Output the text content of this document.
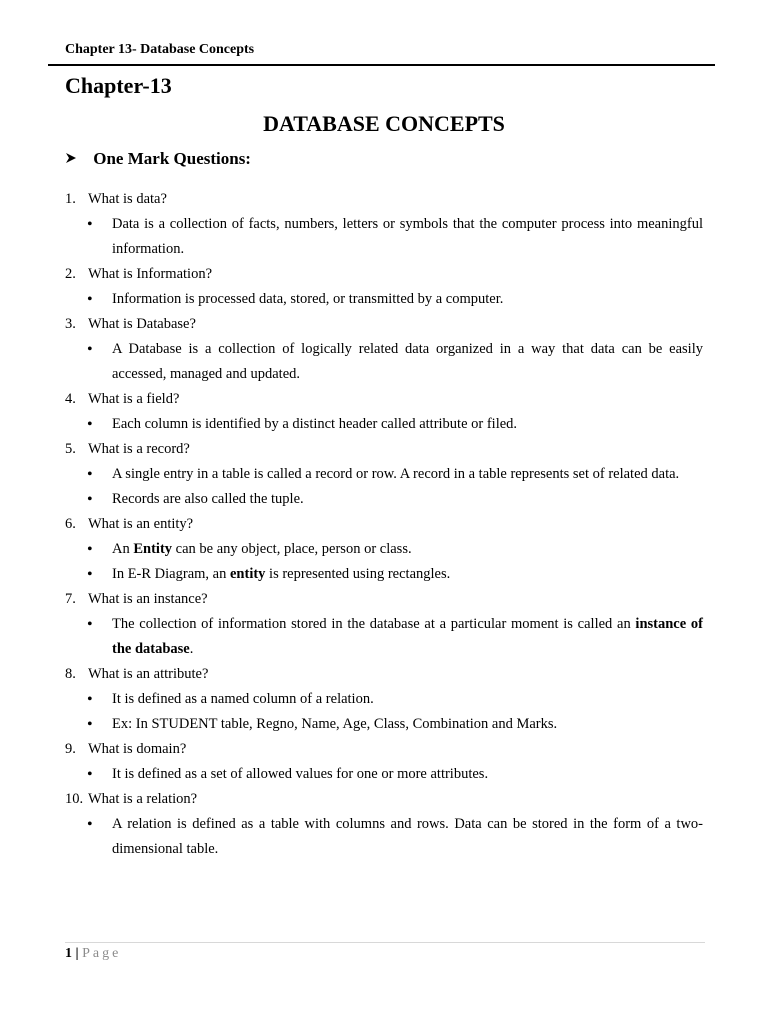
Chapter 13- Database Concepts
Chapter-13
DATABASE CONCEPTS
One Mark Questions:
1. What is data?
•	Data is a collection of facts, numbers, letters or symbols that the computer process into meaningful information.
2. What is Information?
•	Information is processed data, stored, or transmitted by a computer.
3. What is Database?
•	A Database is a collection of logically related data organized in a way that data can be easily accessed, managed and updated.
4. What is a field?
•	Each column is identified by a distinct header called attribute or filed.
5. What is a record?
•	A single entry in a table is called a record or row. A record in a table represents set of related data.
•	Records are also called the tuple.
6. What is an entity?
•	An Entity can be any object, place, person or class.
•	In E-R Diagram, an entity is represented using rectangles.
7. What is an instance?
•	The collection of information stored in the database at a particular moment is called an instance of the database.
8. What is an attribute?
•	It is defined as a named column of a relation.
•	Ex: In STUDENT table, Regno, Name, Age, Class, Combination and Marks.
9. What is domain?
•	It is defined as a set of allowed values for one or more attributes.
10. What is a relation?
•	A relation is defined as a table with columns and rows. Data can be stored in the form of a two-dimensional table.
1 | Page
